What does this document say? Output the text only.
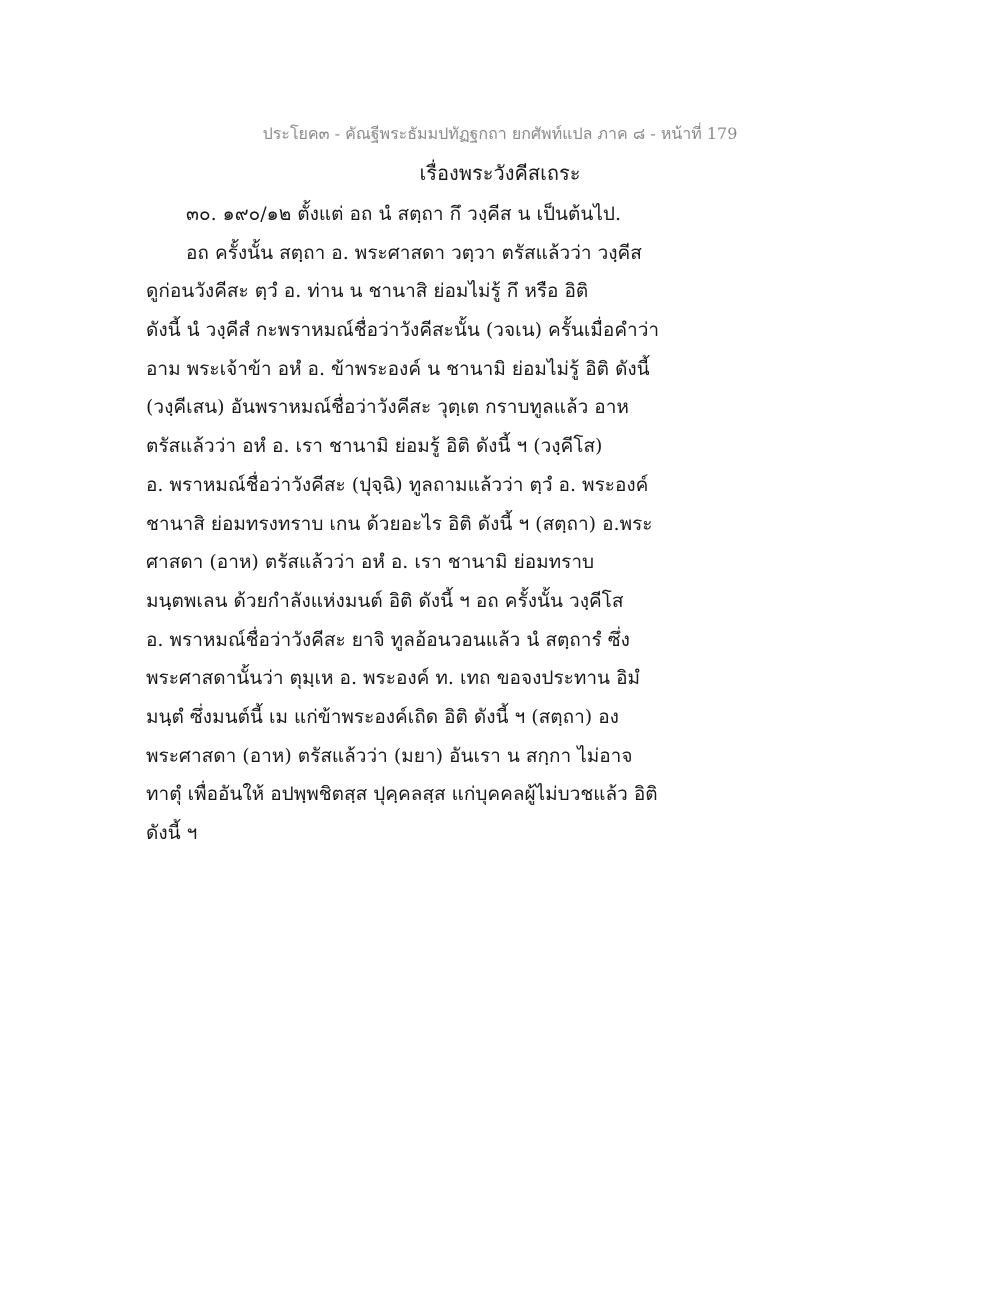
ประโยค๓ - คัณฐีพระธัมมปทัฏฐกถา ยกศัพท์แปล ภาค ๘ - หน้าที่ 179
เรื่องพระวังคีสเถระ
๓๐. ๑๙๐/๑๒ ตั้งแต่ อถ นํ สตฺถา กึ วงฺคีส น เป็นต้นไป.
อถ ครั้งนั้น สตฺถา อ. พระศาสดา วตฺวา ตรัสแล้วว่า วงฺคีส
ดูก่อนวังคีสะ ตฺวํ อ. ท่าน น ชานาสิ ย่อมไม่รู้ กึ หรือ อิติ
ดังนี้ นํ วงฺคีสํ กะพราหมณ์ชื่อว่าวังคีสะนั้น (วจเน) ครั้นเมื่อคำว่า
อาม พระเจ้าข้า อหํ อ. ข้าพระองค์ น ชานามิ ย่อมไม่รู้ อิติ ดังนี้
(วงฺคีเสน) อันพราหมณ์ชื่อว่าวังคีสะ วุตฺเต กราบทูลแล้ว อาห
ตรัสแล้วว่า อหํ อ. เรา ชานามิ ย่อมรู้ อิติ ดังนี้ ฯ (วงฺคีโส)
อ. พราหมณ์ชื่อว่าวังคีสะ (ปุจฺฉิ) ทูลถามแล้วว่า ตฺวํ อ. พระองค์
ชานาสิ ย่อมทรงทราบ เกน ด้วยอะไร อิติ ดังนี้ ฯ (สตฺถา) อ.พระ
ศาสดา (อาห) ตรัสแล้วว่า อหํ อ. เรา ชานามิ ย่อมทราบ
มนฺตพเลน ด้วยกำลังแห่งมนต์ อิติ ดังนี้ ฯ อถ ครั้งนั้น วงฺคีโส
อ. พราหมณ์ชื่อว่าวังคีสะ ยาจิ ทูลอ้อนวอนแล้ว นํ สตฺถารํ ซึ่ง
พระศาสดานั้นว่า ตุมฺเห อ. พระองค์ ท. เทถ ขอจงประทาน อิมํ
มนฺตํ ซึ่งมนต์นี้ เม แก่ข้าพระองค์เถิด อิติ ดังนี้ ฯ (สตฺถา) อง
พระศาสดา (อาห) ตรัสแล้วว่า (มยา) อันเรา น สกฺกา ไม่อาจ
ทาตุํ เพื่ออันให้ อปพฺพชิตสฺส ปุคฺคลสฺส แก่บุคคลผู้ไม่บวชแล้ว อิติ
ดังนี้ ฯ
